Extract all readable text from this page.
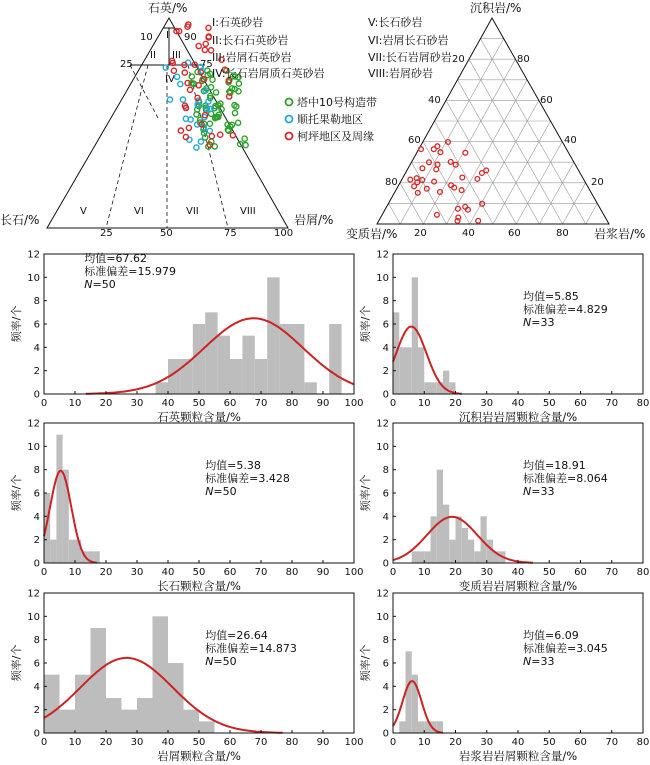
石英/%
长石/%	岩屑/%
10	90
75
25
25	50	75	100
I
II III
IV
V	VI	VII	VIII
I:石英砂岩
II:长石石英砂岩
III:岩屑石英砂岩
IV:长石岩屑质石英砂岩
V:长石砂岩
VI:岩屑长石砂岩
VII:长石岩屑砂岩
VIII:岩屑砂岩
塔中10号构造带
顺托果勒地区
柯坪地区及周缘
沉积岩/%
变质岩/%	岩浆岩/%
20
40
60
80
80
60
40
20
20	40	60	80
0 10 20 30 40 50 60 70 80 90 100
0
2
4
6
8
10
12
石英颗粒含量/%
频率/个
均值=67.62
标准偏差=15.979
N=50
0 10 20 30 40 50 60 70 80
0
2
4
6
8
10
12
沉积岩岩屑颗粒含量/%
频率/个
均值=5.85
标准偏差=4.829
N=33
0 10 20 30 40 50 60 70 80 90 100
0
2
4
6
8
10
12
长石颗粒含量/%
频率/个
均值=5.38
标准偏差=3.428
N=50
0 10 20 30 40 50 60 70 80
0
2
4
6
8
10
12
变质岩岩屑颗粒含量/%
频率/个
均值=18.91
标准偏差=8.064
N=33
0 10 20 30 40 50 60 70 80 90 100
0
2
4
6
8
10
12
岩屑颗粒含量/%
频率/个
均值=26.64
标准偏差=14.873
N=50
0 10 20 30 40 50 60 70 80
0
2
4
6
8
10
12
岩浆岩岩屑颗粒含量/%
频率/个
均值=6.09
标准偏差=3.045
N=33
